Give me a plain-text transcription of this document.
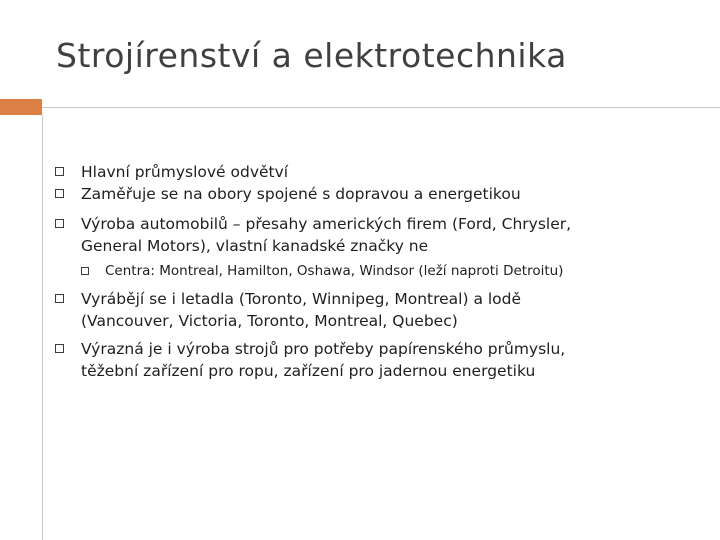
Strojírenství a elektrotechnika
Hlavní průmyslové odvětví
Zaměřuje se na obory spojené s dopravou a energetikou
Výroba automobilů – přesahy amerických firem (Ford, Chrysler,
General Motors), vlastní kanadské značky ne
Centra: Montreal, Hamilton, Oshawa, Windsor (leží naproti Detroitu)
Vyrábějí se i letadla (Toronto, Winnipeg, Montreal) a lodě
(Vancouver, Victoria, Toronto, Montreal, Quebec)
Výrazná je i výroba strojů pro potřeby papírenského průmyslu,
těžební zařízení pro ropu, zařízení pro jadernou energetiku
